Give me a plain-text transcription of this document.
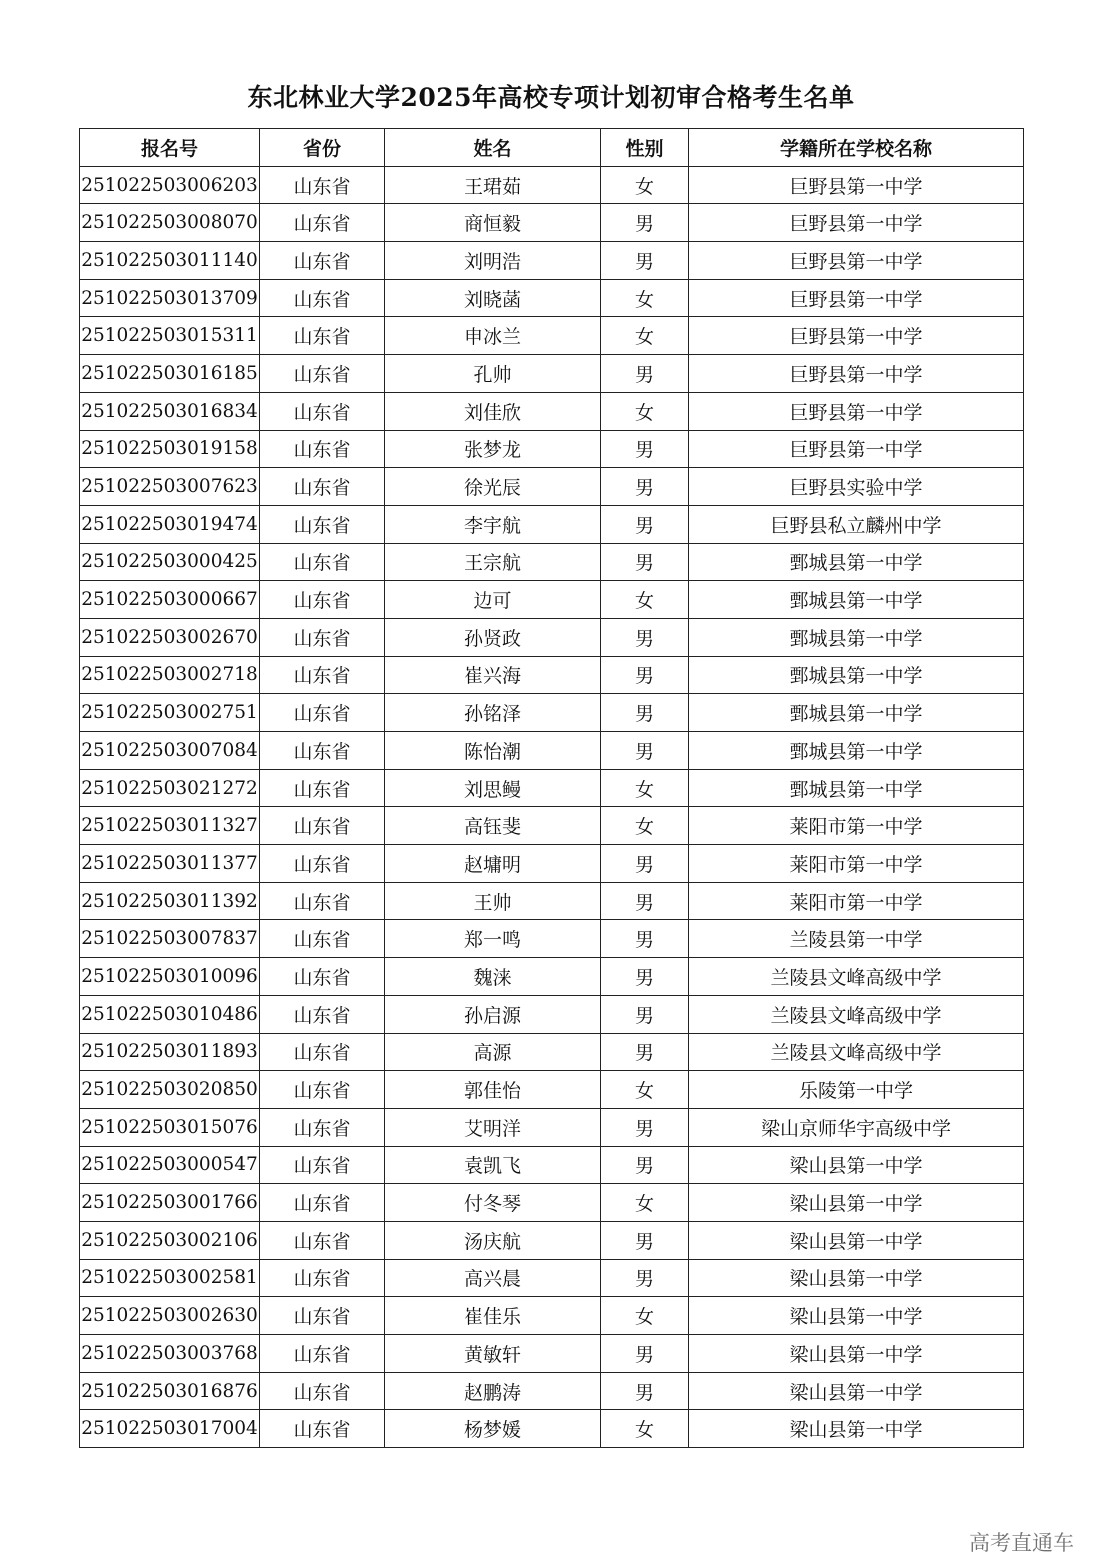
东北林业大学2025年高校专项计划初审合格考生名单
报名号	省份	姓名	性别	学籍所在学校名称
251022503006203	山东省	王珺茹	女	巨野县第一中学
251022503008070	山东省	商恒毅	男	巨野县第一中学
251022503011140	山东省	刘明浩	男	巨野县第一中学
251022503013709	山东省	刘晓菡	女	巨野县第一中学
251022503015311	山东省	申冰兰	女	巨野县第一中学
251022503016185	山东省	孔帅	男	巨野县第一中学
251022503016834	山东省	刘佳欣	女	巨野县第一中学
251022503019158	山东省	张梦龙	男	巨野县第一中学
251022503007623	山东省	徐光辰	男	巨野县实验中学
251022503019474	山东省	李宇航	男	巨野县私立麟州中学
251022503000425	山东省	王宗航	男	鄄城县第一中学
251022503000667	山东省	边可	女	鄄城县第一中学
251022503002670	山东省	孙贤政	男	鄄城县第一中学
251022503002718	山东省	崔兴海	男	鄄城县第一中学
251022503002751	山东省	孙铭泽	男	鄄城县第一中学
251022503007084	山东省	陈怡潮	男	鄄城县第一中学
251022503021272	山东省	刘思鳗	女	鄄城县第一中学
251022503011327	山东省	高钰斐	女	莱阳市第一中学
251022503011377	山东省	赵墉明	男	莱阳市第一中学
251022503011392	山东省	王帅	男	莱阳市第一中学
251022503007837	山东省	郑一鸣	男	兰陵县第一中学
251022503010096	山东省	魏涞	男	兰陵县文峰高级中学
251022503010486	山东省	孙启源	男	兰陵县文峰高级中学
251022503011893	山东省	高源	男	兰陵县文峰高级中学
251022503020850	山东省	郭佳怡	女	乐陵第一中学
251022503015076	山东省	艾明洋	男	梁山京师华宇高级中学
251022503000547	山东省	袁凯飞	男	梁山县第一中学
251022503001766	山东省	付冬琴	女	梁山县第一中学
251022503002106	山东省	汤庆航	男	梁山县第一中学
251022503002581	山东省	高兴晨	男	梁山县第一中学
251022503002630	山东省	崔佳乐	女	梁山县第一中学
251022503003768	山东省	黄敏轩	男	梁山县第一中学
251022503016876	山东省	赵鹏涛	男	梁山县第一中学
251022503017004	山东省	杨梦媛	女	梁山县第一中学
高考直通车
